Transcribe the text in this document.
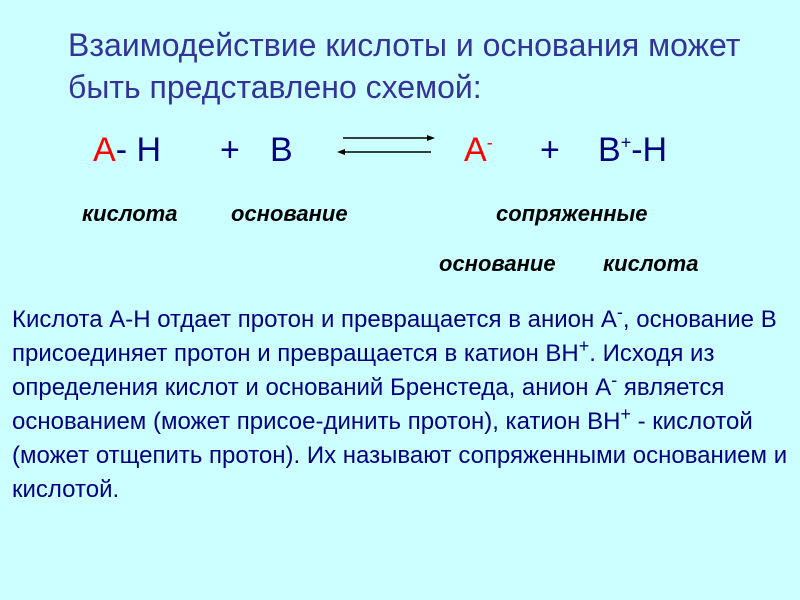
Взаимодействие кислоты и основания может
быть представлено схемой:
А- Н + В	А- + В+-Н
кислота основание	сопряженные
основание кислота

Кислота А-Н отдает протон и превращается в анион А-, основание В присоединяет протон и превращается в катион ВН+. Исходя из определения кислот и оснований Бренстеда, анион А- является основанием (может присое-динить протон), катион ВН+ - кислотой (может отщепить протон). Их называют сопряженными основанием и кислотой.
